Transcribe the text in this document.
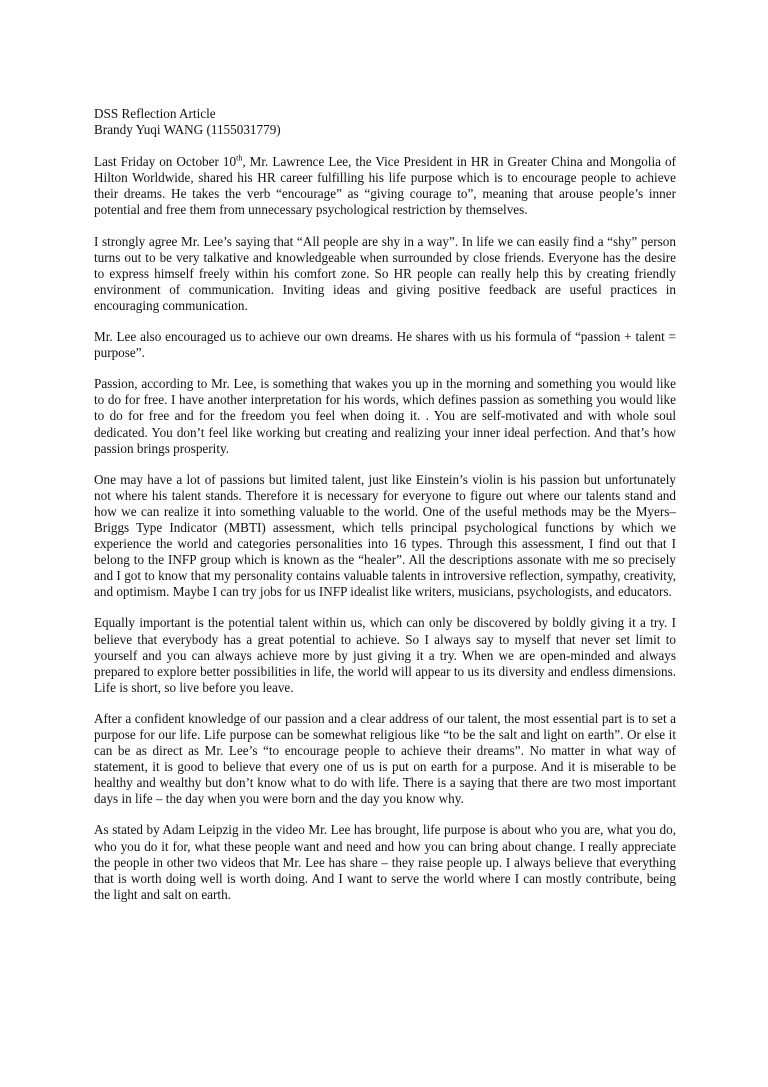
DSS Reflection Article

Brandy Yuqi WANG (1155031779)

Last Friday on October 10th, Mr. Lawrence Lee, the Vice President in HR in Greater China and Mongolia of Hilton Worldwide, shared his HR career fulfilling his life purpose which is to encourage people to achieve their dreams. He takes the verb “encourage” as “giving courage to”, meaning that arouse people’s inner potential and free them from unnecessary psychological restriction by themselves.

I strongly agree Mr. Lee’s saying that “All people are shy in a way”. In life we can easily find a “shy” person turns out to be very talkative and knowledgeable when surrounded by close friends. Everyone has the desire to express himself freely within his comfort zone. So HR people can really help this by creating friendly environment of communication. Inviting ideas and giving positive feedback are useful practices in encouraging communication.

Mr. Lee also encouraged us to achieve our own dreams. He shares with us his formula of “passion + talent = purpose”.

Passion, according to Mr. Lee, is something that wakes you up in the morning and something you would like to do for free. I have another interpretation for his words, which defines passion as something you would like to do for free and for the freedom you feel when doing it. . You are self-motivated and with whole soul dedicated. You don’t feel like working but creating and realizing your inner ideal perfection. And that’s how passion brings prosperity.

One may have a lot of passions but limited talent, just like Einstein’s violin is his passion but unfortunately not where his talent stands. Therefore it is necessary for everyone to figure out where our talents stand and how we can realize it into something valuable to the world. One of the useful methods may be the Myers–Briggs Type Indicator (MBTI) assessment, which tells principal psychological functions by which we experience the world and categories personalities into 16 types. Through this assessment, I find out that I belong to the INFP group which is known as the “healer”. All the descriptions assonate with me so precisely and I got to know that my personality contains valuable talents in introversive reflection, sympathy, creativity, and optimism. Maybe I can try jobs for us INFP idealist like writers, musicians, psychologists, and educators.

Equally important is the potential talent within us, which can only be discovered by boldly giving it a try. I believe that everybody has a great potential to achieve. So I always say to myself that never set limit to yourself and you can always achieve more by just giving it a try. When we are open-minded and always prepared to explore better possibilities in life, the world will appear to us its diversity and endless dimensions. Life is short, so live before you leave.

After a confident knowledge of our passion and a clear address of our talent, the most essential part is to set a purpose for our life. Life purpose can be somewhat religious like “to be the salt and light on earth”. Or else it can be as direct as Mr. Lee’s “to encourage people to achieve their dreams”. No matter in what way of statement, it is good to believe that every one of us is put on earth for a purpose. And it is miserable to be healthy and wealthy but don’t know what to do with life. There is a saying that there are two most important days in life – the day when you were born and the day you know why.

As stated by Adam Leipzig in the video Mr. Lee has brought, life purpose is about who you are, what you do, who you do it for, what these people want and need and how you can bring about change. I really appreciate the people in other two videos that Mr. Lee has share – they raise people up. I always believe that everything that is worth doing well is worth doing. And I want to serve the world where I can mostly contribute, being the light and salt on earth.
